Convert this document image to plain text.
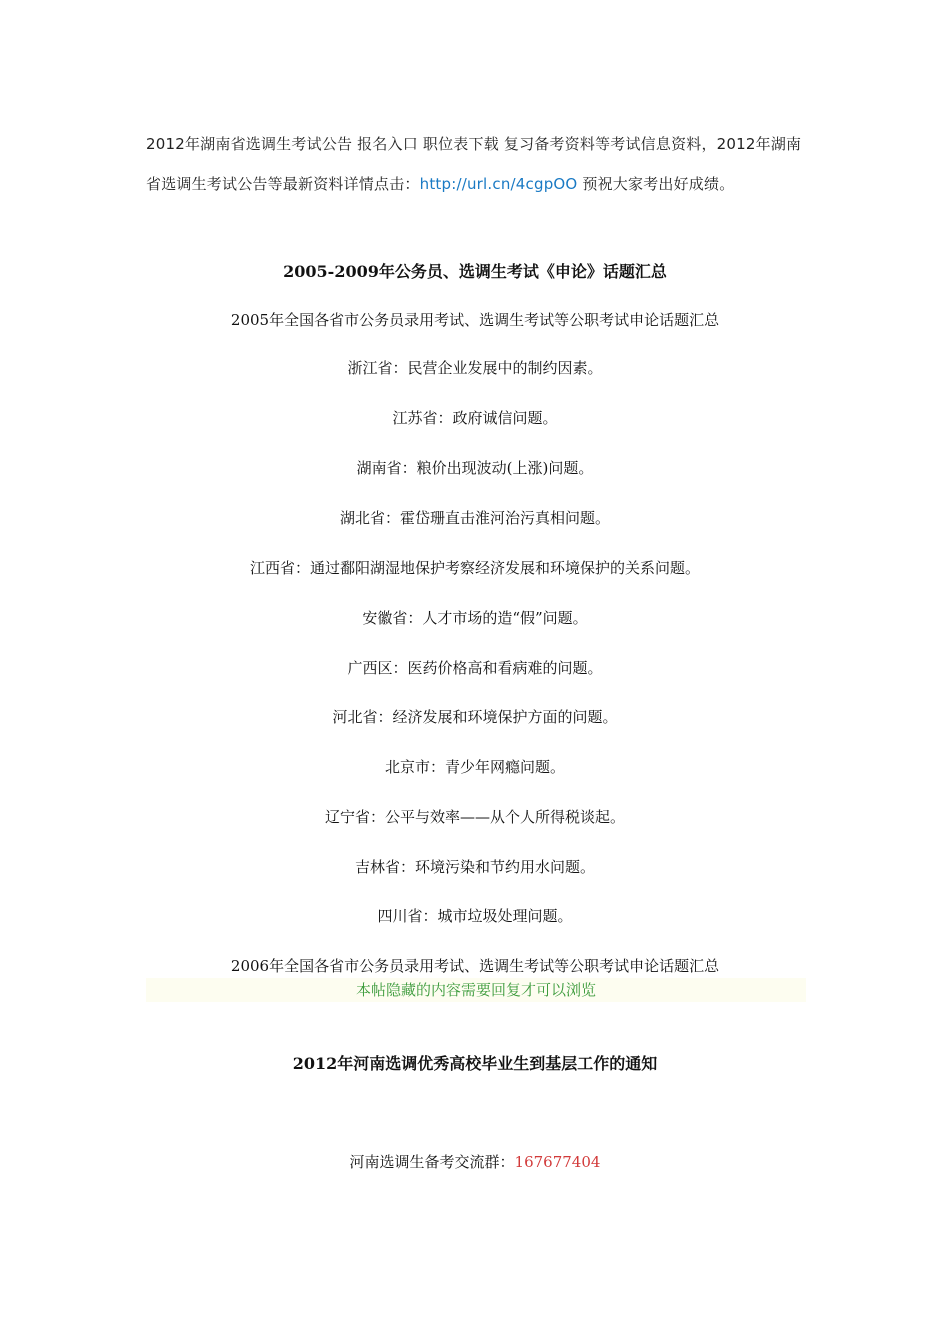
2012年湖南省选调生考试公告 报名入口 职位表下载 复习备考资料等考试信息资料，2012年湖南省选调生考试公告等最新资料详情点击：http://url.cn/4cgpOO 预祝大家考出好成绩。
2005-2009年公务员、选调生考试《申论》话题汇总
2005年全国各省市公务员录用考试、选调生考试等公职考试申论话题汇总
浙江省：民营企业发展中的制约因素。
江苏省：政府诚信问题。
湖南省：粮价出现波动(上涨)问题。
湖北省：霍岱珊直击淮河治污真相问题。
江西省：通过鄱阳湖湿地保护考察经济发展和环境保护的关系问题。
安徽省：人才市场的造“假”问题。
广西区：医药价格高和看病难的问题。
河北省：经济发展和环境保护方面的问题。
北京市：青少年网瘾问题。
辽宁省：公平与效率——从个人所得税谈起。
吉林省：环境污染和节约用水问题。
四川省：城市垃圾处理问题。
2006年全国各省市公务员录用考试、选调生考试等公职考试申论话题汇总
本帖隐藏的内容需要回复才可以浏览
2012年河南选调优秀高校毕业生到基层工作的通知
河南选调生备考交流群：167677404
